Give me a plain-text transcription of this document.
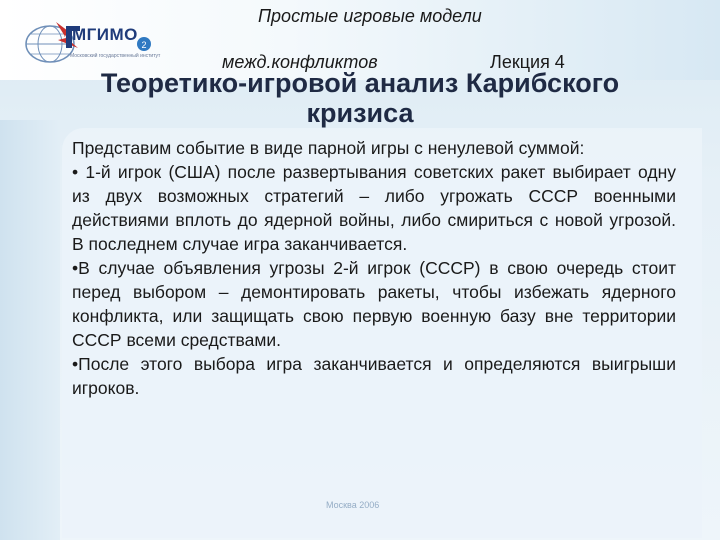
2
МГИМО
Московский государственный институт
Простые игровые модели
межд.конфликтов	Лекция 4
Теоретико-игровой анализ Карибского
кризиса

Представим событие в виде парной игры с ненулевой суммой:

• 1-й игрок (США) после развертывания советских ракет выбирает одну из двух возможных стратегий – либо угрожать СССР военными действиями вплоть до ядерной войны, либо смириться с новой угрозой. В последнем случае игра заканчивается.

•В случае объявления угрозы 2-й игрок (СССР) в свою очередь стоит перед выбором – демонтировать ракеты, чтобы избежать ядерного конфликта, или защищать свою первую военную базу вне территории СССР всеми средствами.

•После этого выбора игра заканчивается и определяются выигрыши игроков.

Москва 2006
